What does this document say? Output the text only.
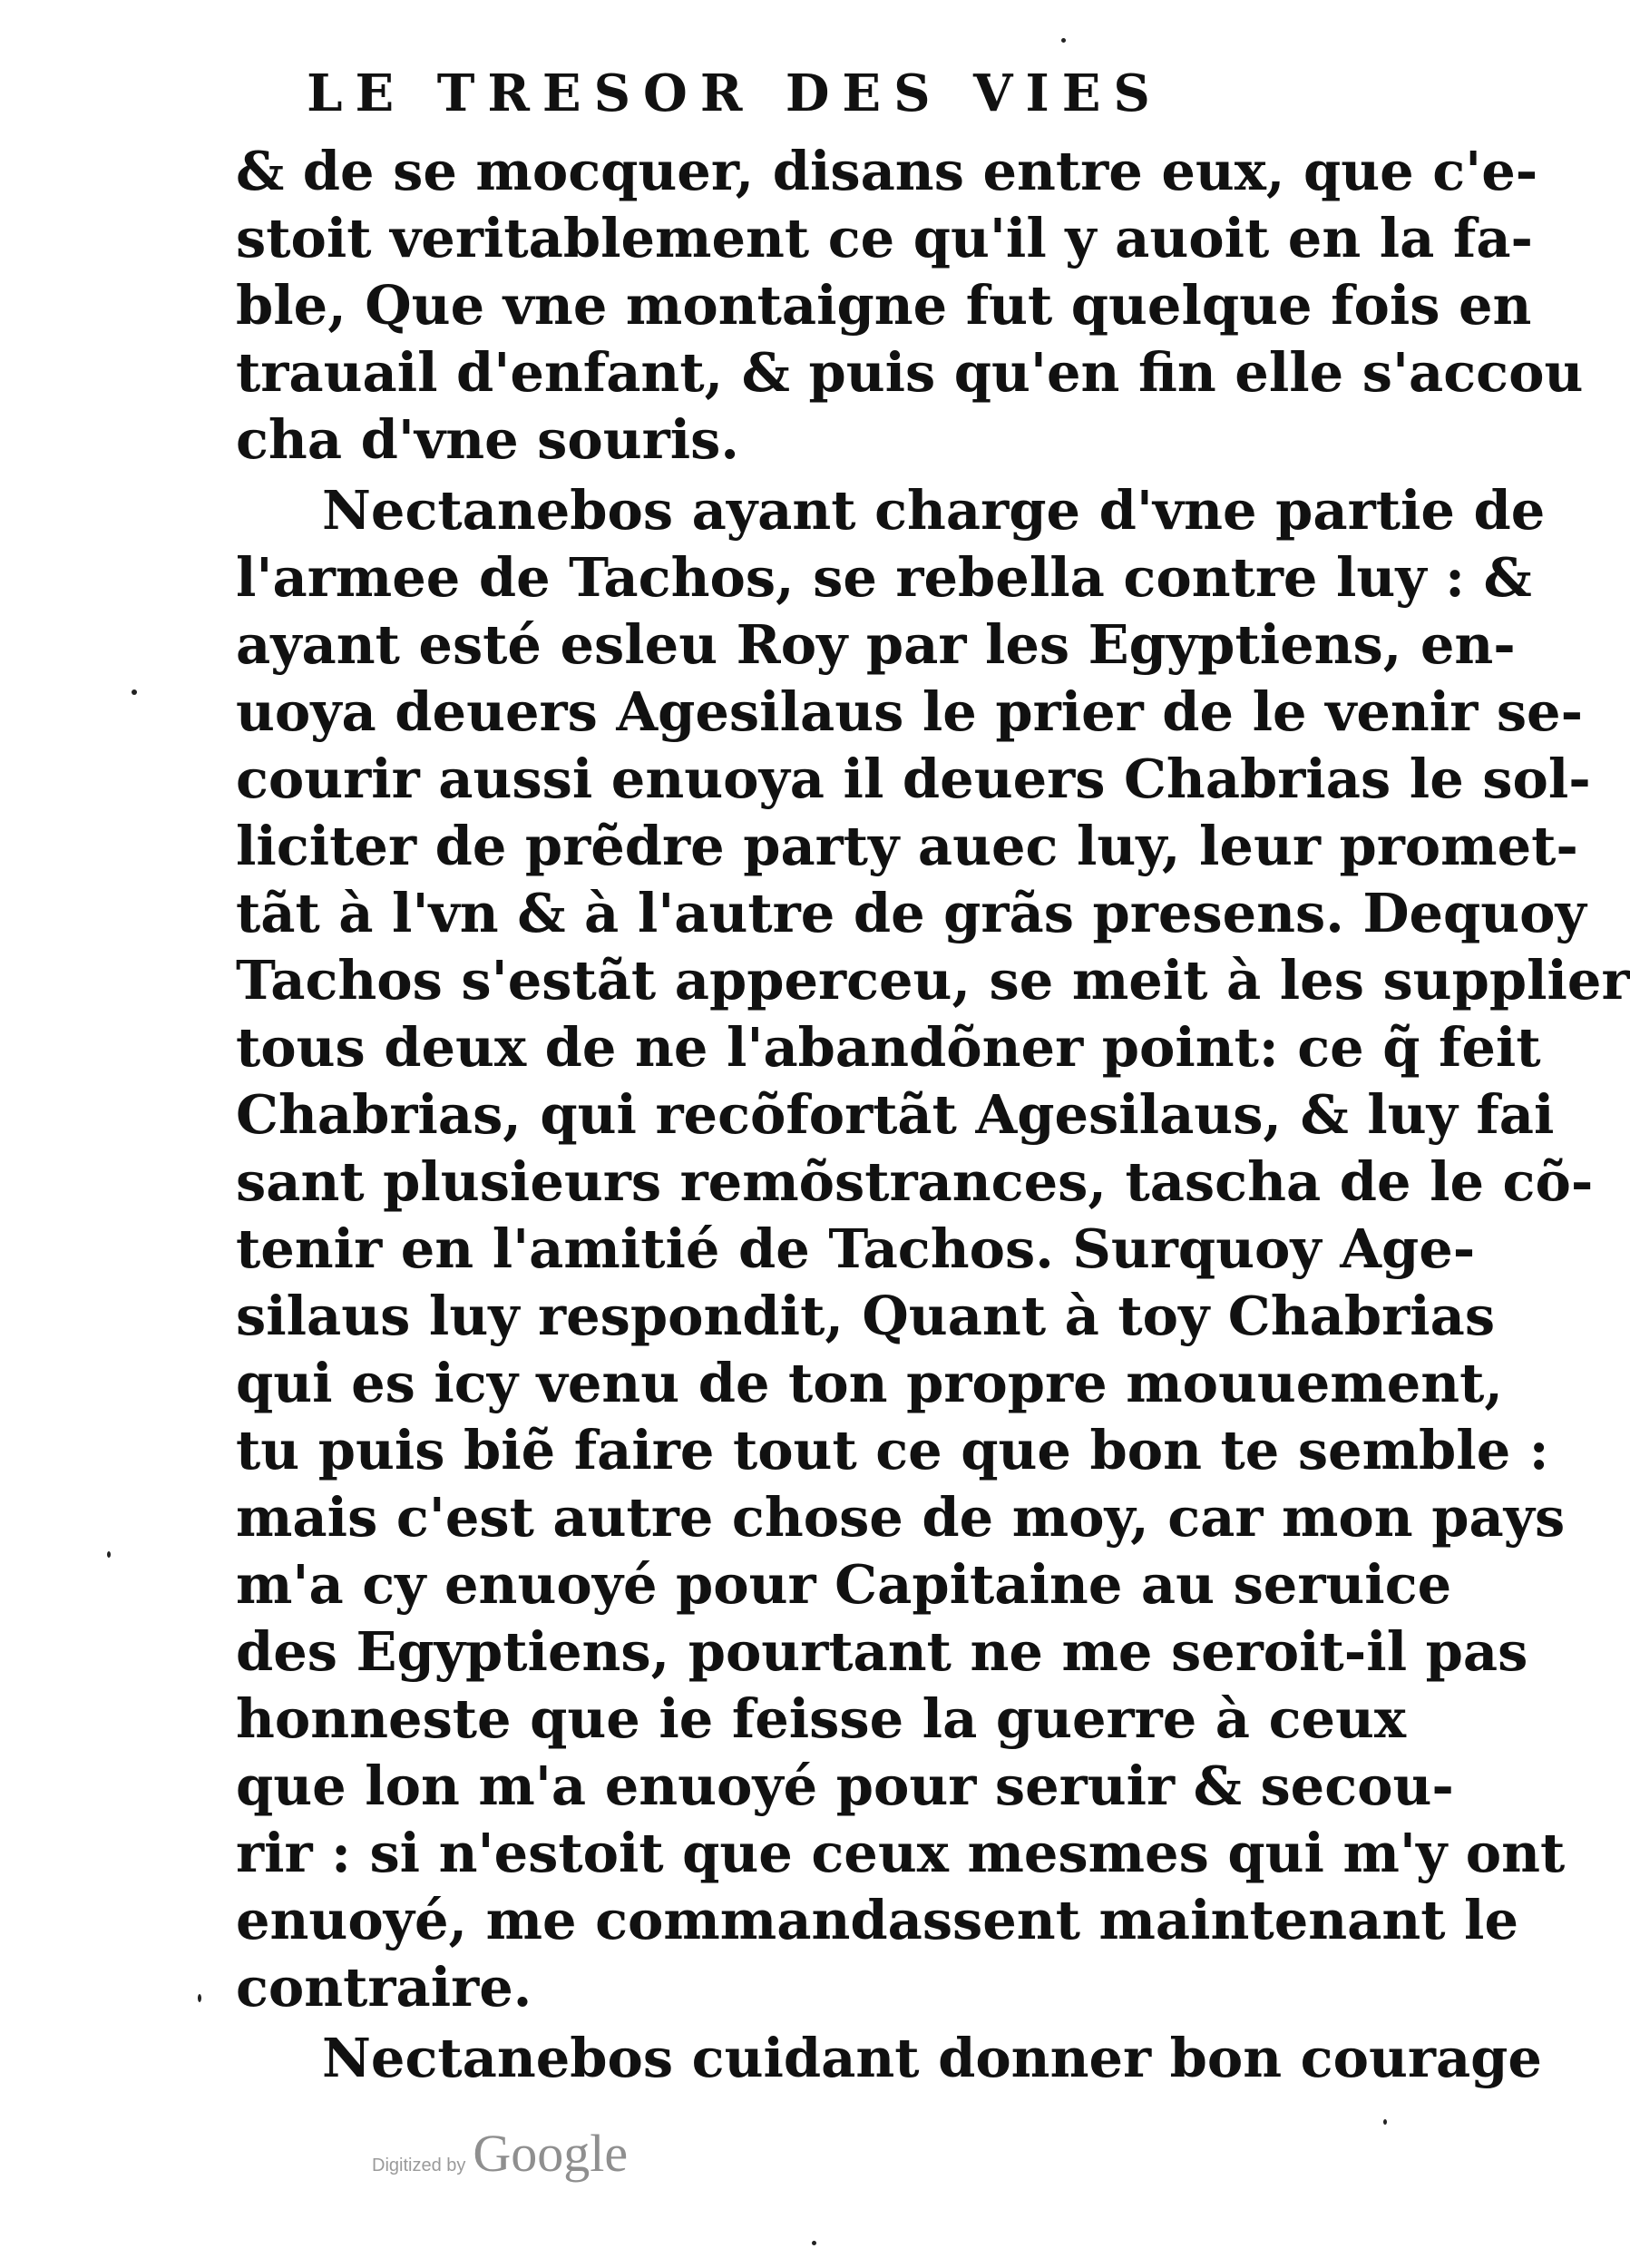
LE TRESOR DES VIES
& de se mocquer, disans entre eux, que c'e-
stoit veritablement ce qu'il y auoit en la fa-
ble, Que vne montaigne fut quelque fois en
trauail d'enfant, & puis qu'en fin elle s'accou
cha d'vne souris.
Nectanebos ayant charge d'vne partie de
l'armee de Tachos, se rebella contre luy : &
ayant esté esleu Roy par les Egyptiens, en-
uoya deuers Agesilaus le prier de le venir se-
courir aussi enuoya il deuers Chabrias le sol-
liciter de prẽdre party auec luy, leur promet-
tãt à l'vn & à l'autre de grãs presens. Dequoy
Tachos s'estãt apperceu, se meit à les supplier
tous deux de ne l'abandõner point: ce q̃ feit
Chabrias, qui recõfortãt Agesilaus, & luy fai
sant plusieurs remõstrances, tascha de le cõ-
tenir en l'amitié de Tachos. Surquoy Age-
silaus luy respondit, Quant à toy Chabrias
qui es icy venu de ton propre mouuement,
tu puis biẽ faire tout ce que bon te semble :
mais c'est autre chose de moy, car mon pays
m'a cy enuoyé pour Capitaine au seruice
des Egyptiens, pourtant ne me seroit-il pas
honneste que ie feisse la guerre à ceux
que lon m'a enuoyé pour seruir & secou-
rir : si n'estoit que ceux mesmes qui m'y ont
enuoyé, me commandassent maintenant le
contraire.
Nectanebos cuidant donner bon courage
Digitized by Google
